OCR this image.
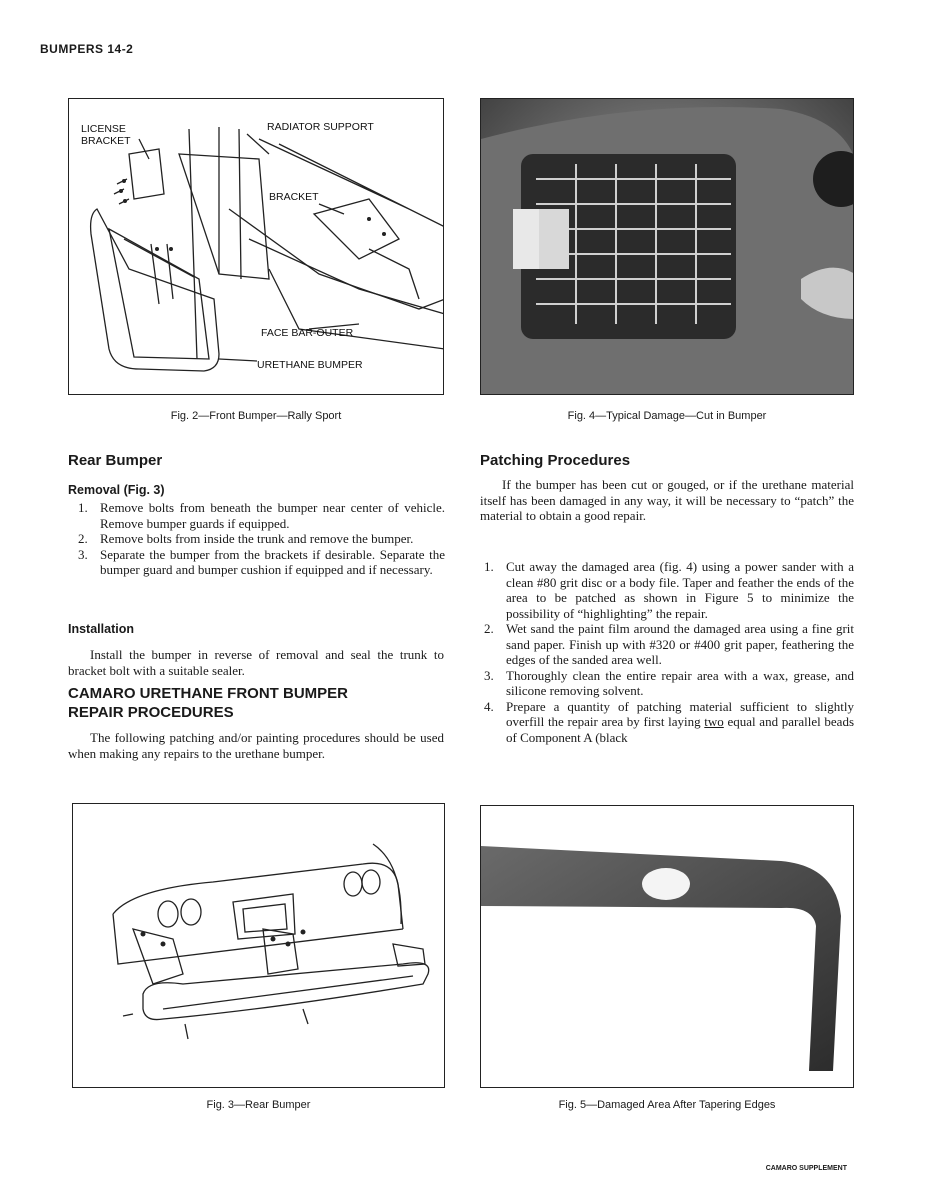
BUMPERS 14-2
LICENSE
BRACKET
RADIATOR SUPPORT
BRACKET
FACE BAR-OUTER
URETHANE BUMPER
Fig. 2—Front Bumper—Rally Sport	Fig. 4—Typical Damage—Cut in Bumper
Rear Bumper
Removal (Fig. 3)
1. Remove bolts from beneath the bumper near center of vehicle. Remove bumper guards if equipped.
2. Remove bolts from inside the trunk and remove the bumper.
3. Separate the bumper from the brackets if desirable. Separate the bumper guard and bumper cushion if equipped and if necessary.
Installation
Install the bumper in reverse of removal and seal the trunk to bracket bolt with a suitable sealer.
CAMARO URETHANE FRONT BUMPER
REPAIR PROCEDURES
The following patching and/or painting procedures should be used when making any repairs to the urethane bumper.
Patching Procedures
If the bumper has been cut or gouged, or if the urethane material itself has been damaged in any way, it will be necessary to “patch” the material to obtain a good repair.
1. Cut away the damaged area (fig. 4) using a power sander with a clean #80 grit disc or a body file. Taper and feather the ends of the area to be patched as shown in Figure 5 to minimize the possibility of “highlighting” the repair.
2. Wet sand the paint film around the damaged area using a fine grit sand paper. Finish up with #320 or #400 grit paper, feathering the edges of the sanded area well.
3. Thoroughly clean the entire repair area with a wax, grease, and silicone removing solvent.
4. Prepare a quantity of patching material sufficient to slightly overfill the repair area by first laying two equal and parallel beads of Component A (black
Fig. 3—Rear Bumper	Fig. 5—Damaged Area After Tapering Edges
CAMARO SUPPLEMENT
